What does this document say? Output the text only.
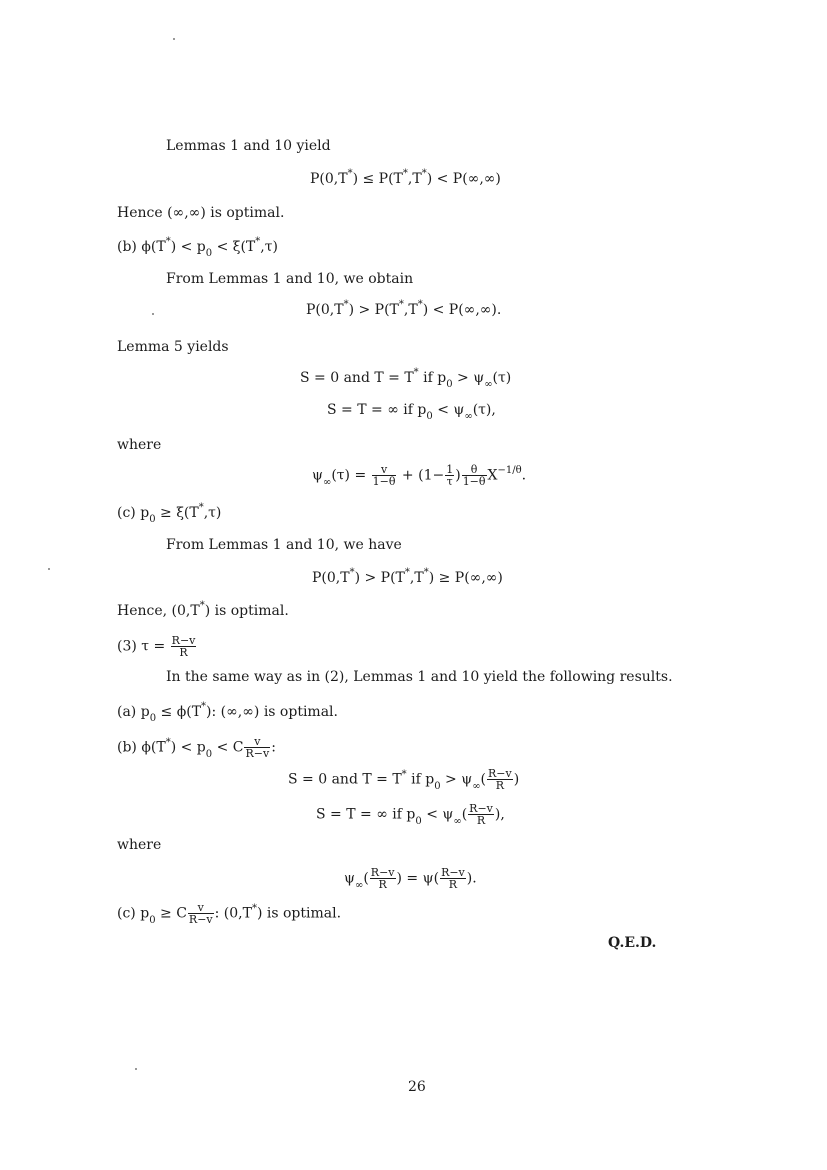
Lemmas 1 and 10 yield
P(0,T*) ≤ P(T*,T*) < P(∞,∞)
Hence (∞,∞) is optimal.
(b) $\phi(T^*) < p_0 < \xi(T^*,\tau)$
From Lemmas 1 and 10, we obtain
P(0,T*) > P(T*,T*) < P(∞,∞).
Lemma 5 yields
S = 0 and T = T* if $p_0 > \psi_\infty(\tau)$
S = T = ∞ if $p_0 < \psi_\infty(\tau)$,
where
$\psi_\infty(\tau) = \frac{v}{1-\theta} + (1- \frac{1}{\tau}$ ) $\frac{\theta}{1-\theta} X^{-1/\theta}$.
(c) $p_0 \ge \xi(T^*,\tau)$
From Lemmas 1 and 10, we have
P(0,T*) > P(T*,T*) ≥ P(∞,∞)
Hence, (0,T*) is optimal.
(3) $\tau = \frac{R-v}{R}$
In the same way as in (2), Lemmas 1 and 10 yield the following results.
(a) $p_0 \le \phi(T^*)$: (∞,∞) is optimal.
(b) $\phi(T^*) < p_0 < C \frac{v}{R-v}$ :
S = 0 and T = T* if $p_0 > \psi_\infty( \frac{R-v}{R}$ )
S = T = ∞ if $p_0 < \psi_\infty( \frac{R-v}{R}$ ),
where
$\psi_\infty( \frac{R-v}{R}$ ) = $\psi( \frac{R-v}{R}$ ).
(c) $p_0 \ge C \frac{v}{R-v}$ : (0,T*) is optimal.
Q.E.D.
26
